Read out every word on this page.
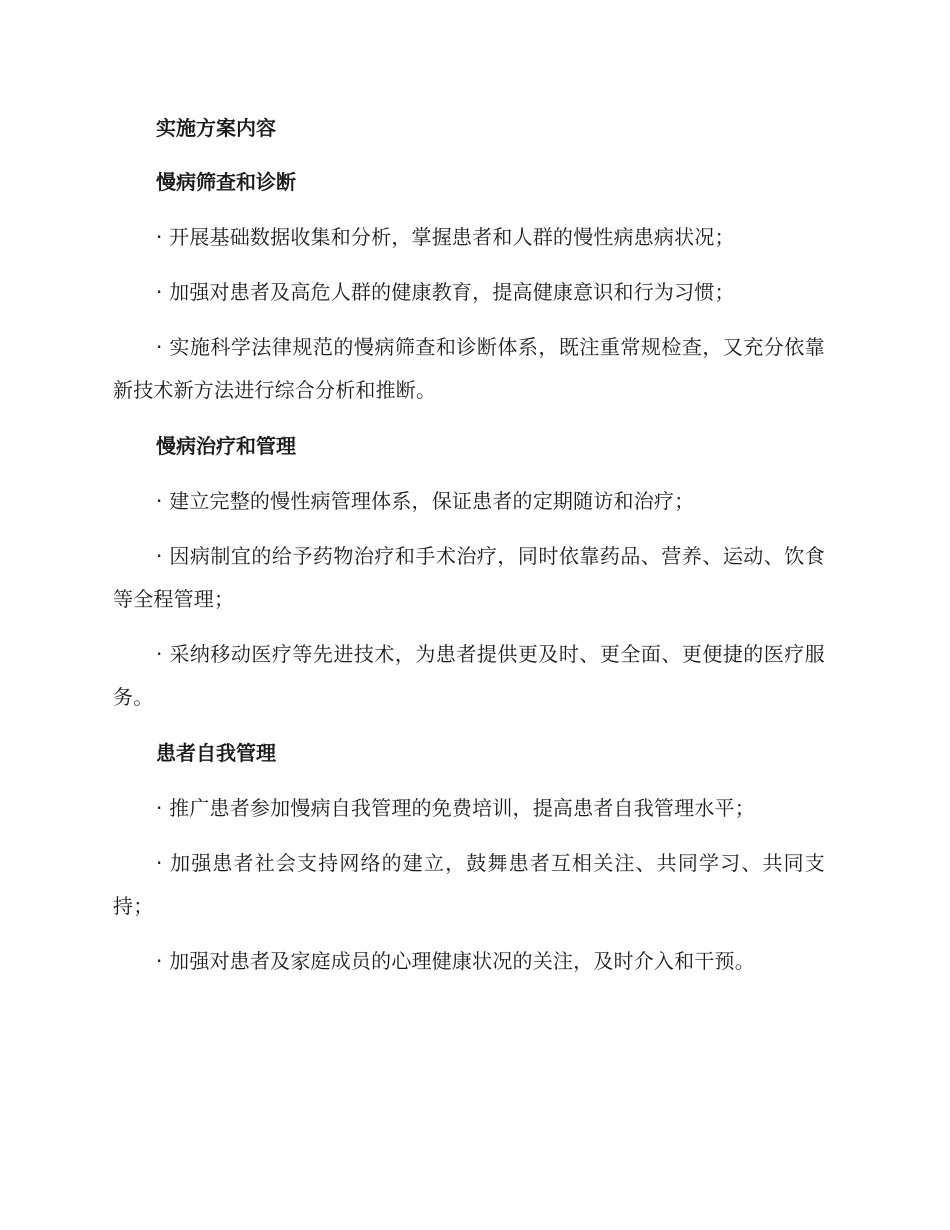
实施方案内容

慢病筛查和诊断

· 开展基础数据收集和分析，掌握患者和人群的慢性病患病状况；

· 加强对患者及高危人群的健康教育，提高健康意识和行为习惯；

· 实施科学法律规范的慢病筛查和诊断体系，既注重常规检查，又充分依靠新技术新方法进行综合分析和推断。

慢病治疗和管理

· 建立完整的慢性病管理体系，保证患者的定期随访和治疗；

· 因病制宜的给予药物治疗和手术治疗，同时依靠药品、营养、运动、饮食等全程管理；

· 采纳移动医疗等先进技术，为患者提供更及时、更全面、更便捷的医疗服务。

患者自我管理

· 推广患者参加慢病自我管理的免费培训，提高患者自我管理水平；

· 加强患者社会支持网络的建立，鼓舞患者互相关注、共同学习、共同支持；

· 加强对患者及家庭成员的心理健康状况的关注，及时介入和干预。
